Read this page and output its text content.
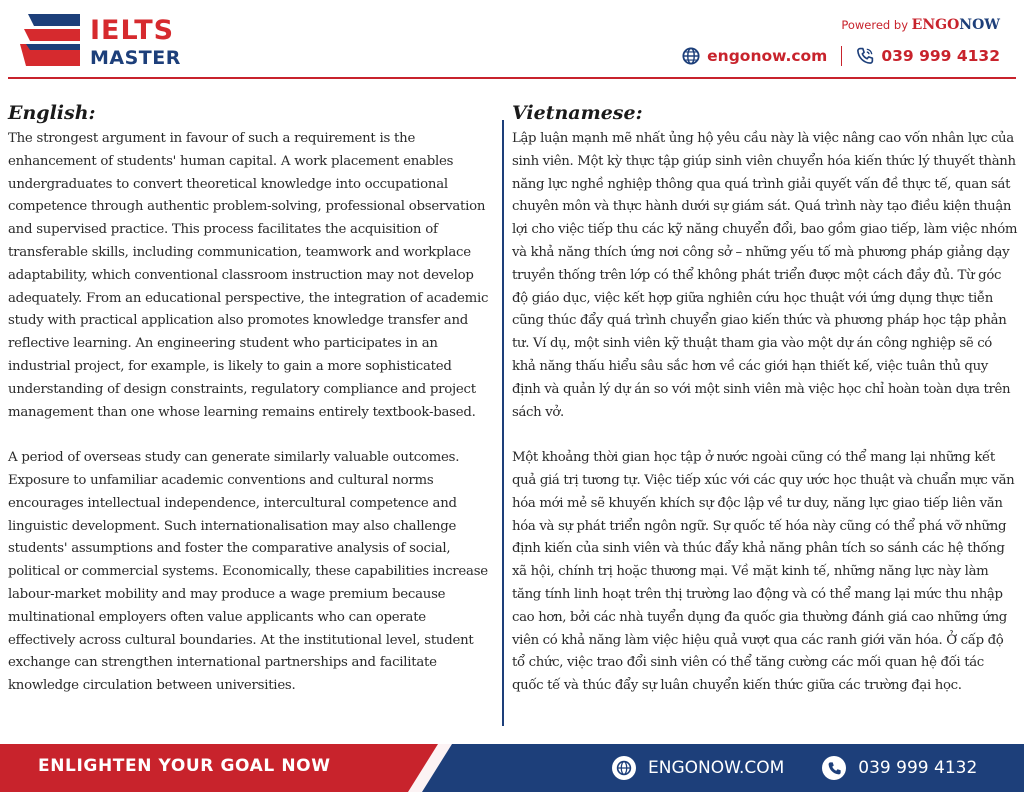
IELTS
MASTER
Powered by ENGONOW
engonow.com	039 999 4132
English:

The strongest argument in favour of such a requirement is the enhancement of students' human capital. A work placement enables undergraduates to convert theoretical knowledge into occupational competence through authentic problem-solving, professional observation and supervised practice. This process facilitates the acquisition of transferable skills, including communication, teamwork and workplace adaptability, which conventional classroom instruction may not develop adequately. From an educational perspective, the integration of academic study with practical application also promotes knowledge transfer and reflective learning. An engineering student who participates in an industrial project, for example, is likely to gain a more sophisticated understanding of design constraints, regulatory compliance and project management than one whose learning remains entirely textbook-based.

A period of overseas study can generate similarly valuable outcomes. Exposure to unfamiliar academic conventions and cultural norms encourages intellectual independence, intercultural competence and linguistic development. Such internationalisation may also challenge students' assumptions and foster the comparative analysis of social, political or commercial systems. Economically, these capabilities increase labour-market mobility and may produce a wage premium because multinational employers often value applicants who can operate effectively across cultural boundaries. At the institutional level, student exchange can strengthen international partnerships and facilitate knowledge circulation between universities.

Vietnamese:

Lập luận mạnh mẽ nhất ủng hộ yêu cầu này là việc nâng cao vốn nhân lực của sinh viên. Một kỳ thực tập giúp sinh viên chuyển hóa kiến thức lý thuyết thành năng lực nghề nghiệp thông qua quá trình giải quyết vấn đề thực tế, quan sát chuyên môn và thực hành dưới sự giám sát. Quá trình này tạo điều kiện thuận lợi cho việc tiếp thu các kỹ năng chuyển đổi, bao gồm giao tiếp, làm việc nhóm và khả năng thích ứng nơi công sở – những yếu tố mà phương pháp giảng dạy truyền thống trên lớp có thể không phát triển được một cách đầy đủ. Từ góc độ giáo dục, việc kết hợp giữa nghiên cứu học thuật với ứng dụng thực tiễn cũng thúc đẩy quá trình chuyển giao kiến thức và phương pháp học tập phản tư. Ví dụ, một sinh viên kỹ thuật tham gia vào một dự án công nghiệp sẽ có khả năng thấu hiểu sâu sắc hơn về các giới hạn thiết kế, việc tuân thủ quy định và quản lý dự án so với một sinh viên mà việc học chỉ hoàn toàn dựa trên sách vở.

Một khoảng thời gian học tập ở nước ngoài cũng có thể mang lại những kết quả giá trị tương tự. Việc tiếp xúc với các quy ước học thuật và chuẩn mực văn hóa mới mẻ sẽ khuyến khích sự độc lập về tư duy, năng lực giao tiếp liên văn hóa và sự phát triển ngôn ngữ. Sự quốc tế hóa này cũng có thể phá vỡ những định kiến của sinh viên và thúc đẩy khả năng phân tích so sánh các hệ thống xã hội, chính trị hoặc thương mại. Về mặt kinh tế, những năng lực này làm tăng tính linh hoạt trên thị trường lao động và có thể mang lại mức thu nhập cao hơn, bởi các nhà tuyển dụng đa quốc gia thường đánh giá cao những ứng viên có khả năng làm việc hiệu quả vượt qua các ranh giới văn hóa. Ở cấp độ tổ chức, việc trao đổi sinh viên có thể tăng cường các mối quan hệ đối tác quốc tế và thúc đẩy sự luân chuyển kiến thức giữa các trường đại học.

ENLIGHTEN YOUR GOAL NOW	ENGONOW.COM	039 999 4132
